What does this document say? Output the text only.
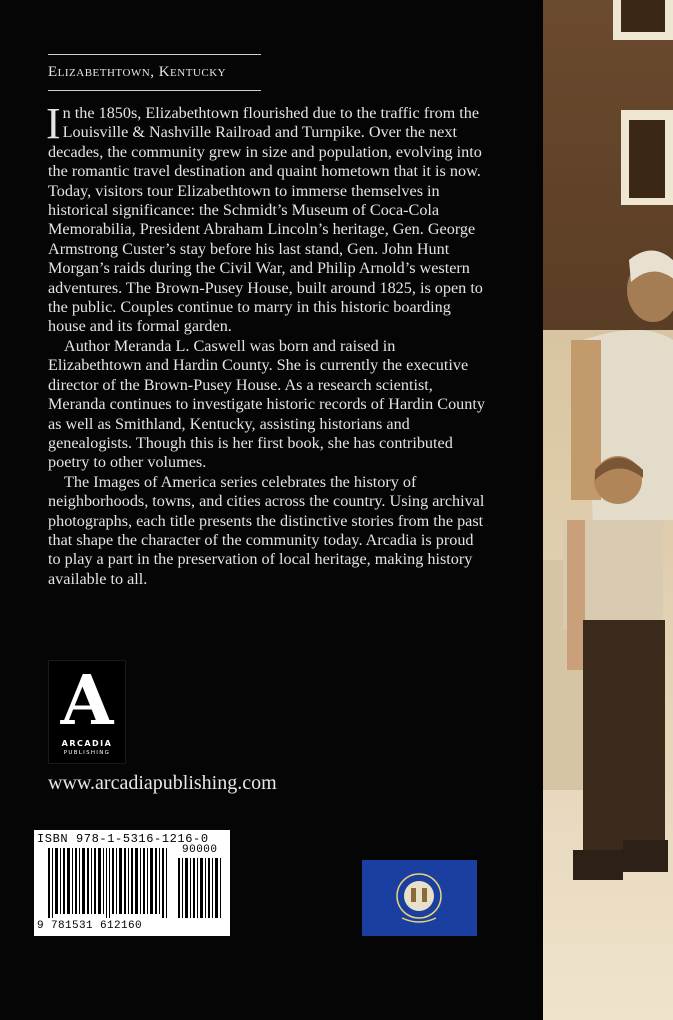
Elizabethtown, Kentucky

In the 1850s, Elizabethtown flourished due to the traffic from the Louisville & Nashville Railroad and Turnpike. Over the next decades, the community grew in size and population, evolving into the romantic travel destination and quaint hometown that it is now. Today, visitors tour Elizabethtown to immerse themselves in historical significance: the Schmidt’s Museum of Coca-Cola Memorabilia, President Abraham Lincoln’s heritage, Gen. George Armstrong Custer’s stay before his last stand, Gen. John Hunt Morgan’s raids during the Civil War, and Philip Arnold’s western adventures. The Brown-Pusey House, built around 1825, is open to the public. Couples continue to marry in this historic boarding house and its formal garden.

Author Meranda L. Caswell was born and raised in Elizabethtown and Hardin County. She is currently the executive director of the Brown-Pusey House. As a research scientist, Meranda continues to investigate historic records of Hardin County as well as Smithland, Kentucky, assisting historians and genealogists. Though this is her first book, she has contributed poetry to other volumes.

The Images of America series celebrates the history of neighborhoods, towns, and cities across the country. Using archival photographs, each title presents the distinctive stories from the past that shape the character of the community today. Arcadia is proud to play a part in the preservation of local heritage, making history available to all.

A
ARCADIA
PUBLISHING
www.arcadiapublishing.com
ISBN 978-1-5316-1216-0
90000
9 781531 612160
